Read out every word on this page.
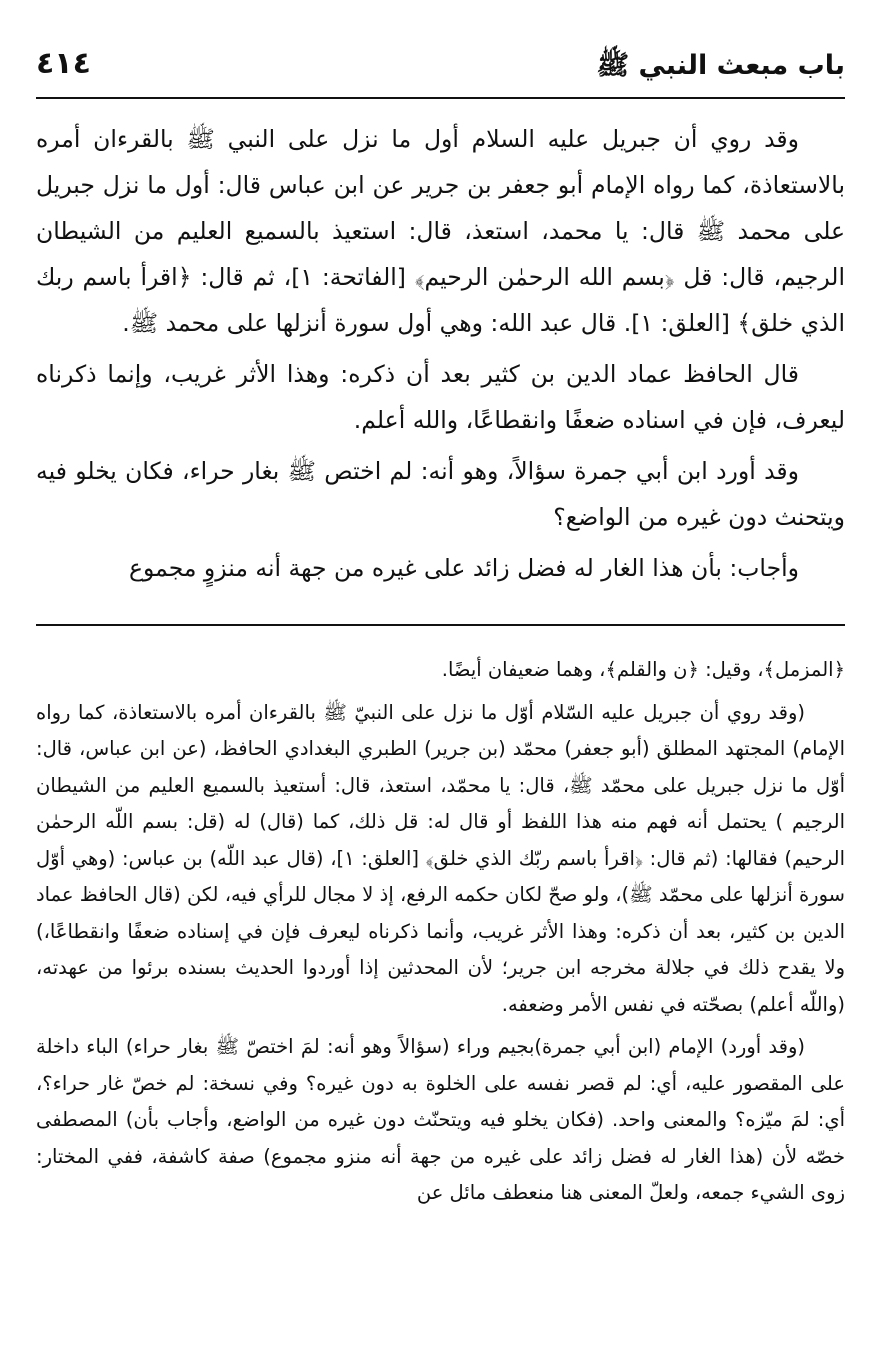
باب مبعث النبي ﷺ
٤١٤

وقد روي أن جبريل عليه السلام أول ما نزل على النبي ﷺ بالقرءان أمره بالاستعاذة، كما رواه الإمام أبو جعفر بن جرير عن ابن عباس قال: أول ما نزل جبريل على محمد ﷺ قال: يا محمد، استعذ، قال: استعيذ بالسميع العليم من الشيطان الرجيم، قال: قل ﴿بسم الله الرحمٰن الرحيم﴾ [الفاتحة: ١]، ثم قال: ﴿اقرأ باسم ربك الذي خلق﴾ [العلق: ١]. قال عبد الله: وهي أول سورة أنزلها على محمد ﷺ.

قال الحافظ عماد الدين بن كثير بعد أن ذكره: وهذا الأثر غريب، وإنما ذكرناه ليعرف، فإن في اسناده ضعفًا وانقطاعًا، والله أعلم.

وقد أورد ابن أبي جمرة سؤالاً، وهو أنه: لم اختص ﷺ بغار حراء، فكان يخلو فيه ويتحنث دون غيره من الواضع؟

وأجاب: بأن هذا الغار له فضل زائد على غيره من جهة أنه منزوٍ مجموع

﴿المزمل﴾، وقيل: ﴿ن والقلم﴾، وهما ضعيفان أيضًا.

(وقد روي أن جبريل عليه السّلام أوّل ما نزل على النبيّ ﷺ بالقرءان أمره بالاستعاذة، كما رواه الإمام) المجتهد المطلق (أبو جعفر) محمّد (بن جرير) الطبري البغدادي الحافظ، (عن ابن عباس، قال: أوّل ما نزل جبريل على محمّد ﷺ، قال: يا محمّد، استعذ، قال: أستعيذ بالسميع العليم من الشيطان الرجيم ) يحتمل أنه فهم منه هذا اللفظ أو قال له: قل ذلك، كما (قال) له (قل: بسم اللّه الرحمٰن الرحيم) فقالها: (ثم قال: ﴿اقرأ باسم ربّك الذي خلق﴾ [العلق: ١]، (قال عبد اللّه) بن عباس: (وهي أوّل سورة أنزلها على محمّد ﷺ)، ولو صحّ لكان حكمه الرفع، إذ لا مجال للرأي فيه، لكن (قال الحافظ عماد الدين بن كثير، بعد أن ذكره: وهذا الأثر غريب، وأنما ذكرناه ليعرف فإن في إسناده ضعفًا وانقطاعًا،) ولا يقدح ذلك في جلالة مخرجه ابن جرير؛ لأن المحدثين إذا أوردوا الحديث بسنده برئوا من عهدته، (واللّه أعلم) بصحّته في نفس الأمر وضعفه.

(وقد أورد) الإمام (ابن أبي جمرة)بجيم وراء (سؤالاً وهو أنه: لمَ اختصّ ﷺ بغار حراء) الباء داخلة على المقصور عليه، أي: لم قصر نفسه على الخلوة به دون غيره؟ وفي نسخة: لم خصّ غار حراء؟، أي: لمَ ميّزه؟ والمعنى واحد. (فكان يخلو فيه ويتحنّث دون غيره من الواضع، وأجاب بأن) المصطفى خصّه لأن (هذا الغار له فضل زائد على غيره من جهة أنه منزو مجموع) صفة كاشفة، ففي المختار: زوى الشيء جمعه، ولعلّ المعنى هنا منعطف مائل عن
